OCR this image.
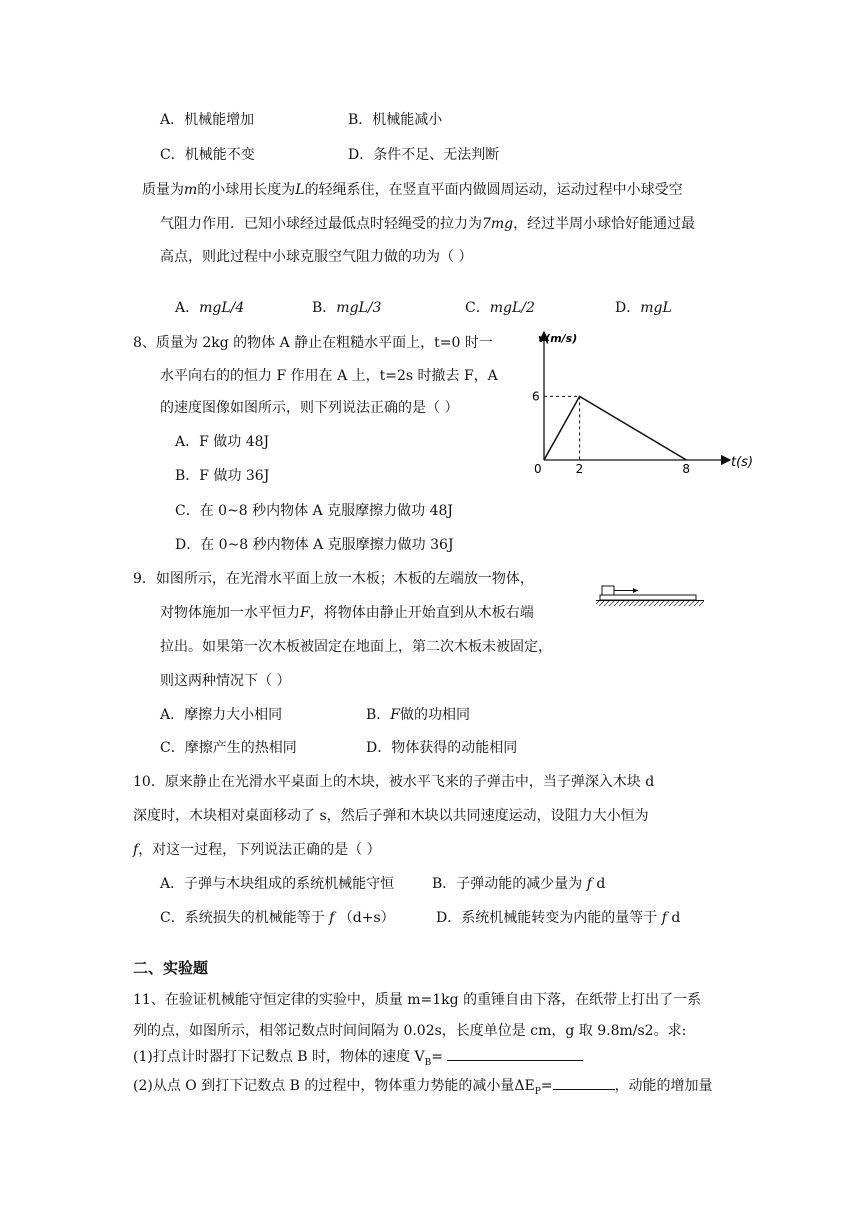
A．机械能增加	B．机械能减小
C．机械能不变	D．条件不足、无法判断
质量为m的小球用长度为L的轻绳系住，在竖直平面内做圆周运动，运动过程中小球受空
气阻力作用．已知小球经过最低点时轻绳受的拉力为7mg，经过半周小球恰好能通过最
高点，则此过程中小球克服空气阻力做的功为（ ）
A．mgL/4	B．mgL/3	C．mgL/2	D．mgL
8、质量为 2kg 的物体 A 静止在粗糙水平面上，t=0 时一
水平向右的的恒力 F 作用在 A 上，t=2s 时撤去 F，A
的速度图像如图所示，则下列说法正确的是（ ）
A．F 做功 48J
B．F 做功 36J
C．在 0~8 秒内物体 A 克服摩擦力做功 48J
D．在 0~8 秒内物体 A 克服摩擦力做功 36J
v(m/s)
t(s)
0	2	8
6
9．如图所示，在光滑水平面上放一木板；木板的左端放一物体，
对物体施加一水平恒力F，将物体由静止开始直到从木板右端
拉出。如果第一次木板被固定在地面上，第二次木板未被固定，
则这两种情况下（ ）
A．摩擦力大小相同	B．F做的功相同
C．摩擦产生的热相同	D．物体获得的动能相同
10．原来静止在光滑水平桌面上的木块，被水平飞来的子弹击中，当子弹深入木块 d
深度时，木块相对桌面移动了 s，然后子弹和木块以共同速度运动，设阻力大小恒为
f，对这一过程，下列说法正确的是（ ）
A．子弹与木块组成的系统机械能守恒	B．子弹动能的减少量为 f d
C．系统损失的机械能等于 f （d+s）	D．系统机械能转变为内能的量等于 f d
二、实验题
11、在验证机械能守恒定律的实验中，质量 m=1kg 的重锤自由下落，在纸带上打出了一系
列的点，如图所示，相邻记数点时间间隔为 0.02s，长度单位是 cm，g 取 9.8m/s2。求:
(1)打点计时器打下记数点 B 时，物体的速度 $V_B=$
(2)从点 O 到打下记数点 B 的过程中，物体重力势能的减小量$\Delta E_P=$	，动能的增加量
